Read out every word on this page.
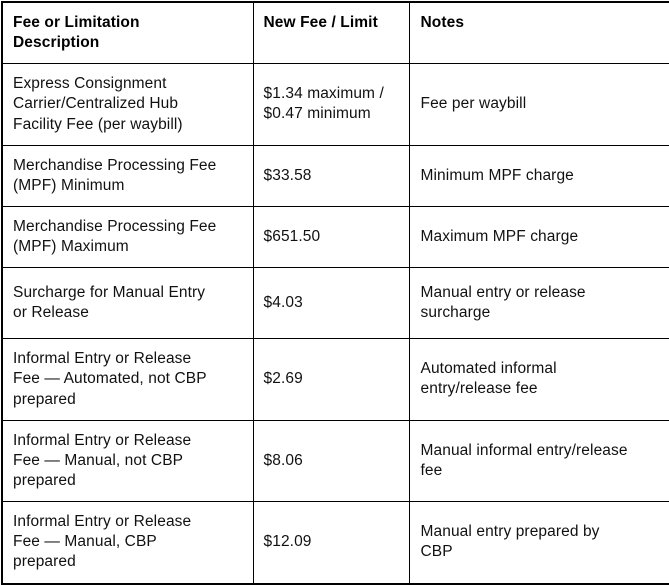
Fee or Limitation Description	New Fee / Limit	Notes
Express Consignment Carrier/Centralized Hub Facility Fee (per waybill)	$1.34 maximum / $0.47 minimum	Fee per waybill
Merchandise Processing Fee (MPF) Minimum	$33.58	Minimum MPF charge
Merchandise Processing Fee (MPF) Maximum	$651.50	Maximum MPF charge
Surcharge for Manual Entry or Release	$4.03	Manual entry or release surcharge
Informal Entry or Release Fee — Automated, not CBP prepared	$2.69	Automated informal entry/release fee
Informal Entry or Release Fee — Manual, not CBP prepared	$8.06	Manual informal entry/release fee
Informal Entry or Release Fee — Manual, CBP prepared	$12.09	Manual entry prepared by CBP
